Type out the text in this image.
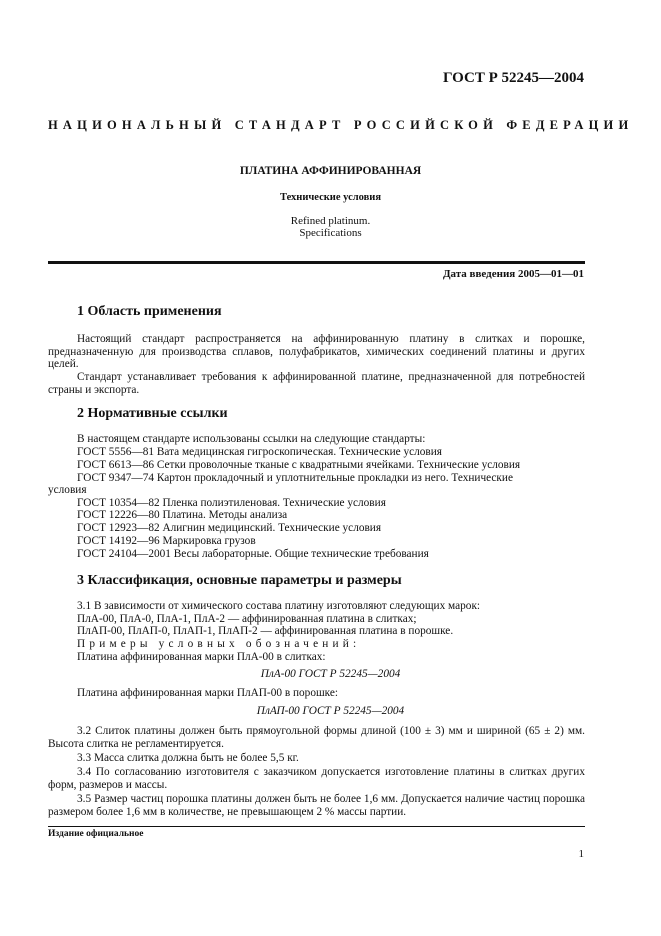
ГОСТ Р 52245—2004
НАЦИОНАЛЬНЫЙ СТАНДАРТ РОССИЙСКОЙ ФЕДЕРАЦИИ
ПЛАТИНА АФФИНИРОВАННАЯ
Технические условия
Refined platinum.
Specifications
Дата введения 2005—01—01
1 Область применения
Настоящий стандарт распространяется на аффинированную платину в слитках и порошке, предназначенную для производства сплавов, полуфабрикатов, химических соединений платины и других целей.
Стандарт устанавливает требования к аффинированной платине, предназначенной для потребностей страны и экспорта.
2 Нормативные ссылки
В настоящем стандарте использованы ссылки на следующие стандарты:
ГОСТ 5556—81 Вата медицинская гигроскопическая. Технические условия
ГОСТ 6613—86 Сетки проволочные тканые с квадратными ячейками. Технические условия
ГОСТ 9347—74 Картон прокладочный и уплотнительные прокладки из него. Технические
условия
ГОСТ 10354—82 Пленка полиэтиленовая. Технические условия
ГОСТ 12226—80 Платина. Методы анализа
ГОСТ 12923—82 Алигнин медицинский. Технические условия
ГОСТ 14192—96 Маркировка грузов
ГОСТ 24104—2001 Весы лабораторные. Общие технические требования
3 Классификация, основные параметры и размеры
3.1 В зависимости от химического состава платину изготовляют следующих марок:
ПлА-00, ПлА-0, ПлА-1, ПлА-2 — аффинированная платина в слитках;
ПлАП-00, ПлАП-0, ПлАП-1, ПлАП-2 — аффинированная платина в порошке.
Примеры условных обозначений:
Платина аффинированная марки ПлА-00 в слитках:
ПлА-00 ГОСТ Р 52245—2004
Платина аффинированная марки ПлАП-00 в порошке:
ПлАП-00 ГОСТ Р 52245—2004
3.2 Слиток платины должен быть прямоугольной формы длиной (100 ± 3) мм и шириной (65 ± 2) мм. Высота слитка не регламентируется.
3.3 Масса слитка должна быть не более 5,5 кг.
3.4 По согласованию изготовителя с заказчиком допускается изготовление платины в слитках других форм, размеров и массы.
3.5 Размер частиц порошка платины должен быть не более 1,6 мм. Допускается наличие частиц порошка размером более 1,6 мм в количестве, не превышающем 2 % массы партии.
Издание официальное
1
